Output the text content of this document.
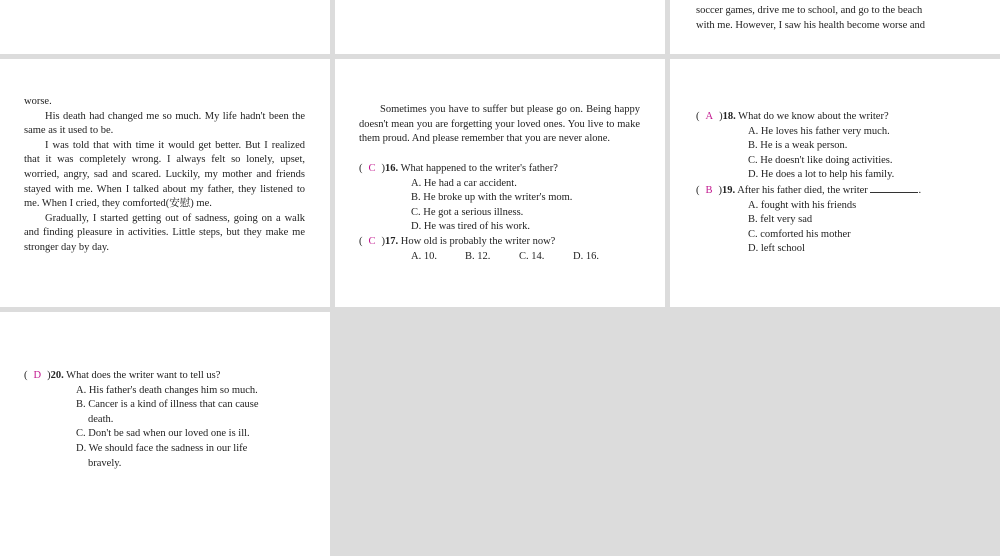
soccer games, drive me to school, and go to the beach

with me. However, I saw his health become worse and

worse.

His death had changed me so much. My life hadn't been the same as it used to be.

I was told that with time it would get better. But I realized that it was completely wrong. I always felt so lonely, upset, worried, angry, sad and scared. Luckily, my mother and friends stayed with me. When I talked about my father, they listened to me. When I cried, they comforted(安慰) me.

Gradually, I started getting out of sadness, going on a walk and finding pleasure in activities. Little steps, but they make me stronger day by day.

Sometimes you have to suffer but please go on. Being happy doesn't mean you are forgetting your loved ones. You live to make them proud. And please remember that you are never alone.

( C )16. What happened to the writer's father?
A. He had a car accident.
B. He broke up with the writer's mom.
C. He got a serious illness.
D. He was tired of his work.
( C )17. How old is probably the writer now?
A. 10.	B. 12.	C. 14.	D. 16.
( A )18. What do we know about the writer?
A. He loves his father very much.
B. He is a weak person.
C. He doesn't like doing activities.
D. He does a lot to help his family.
( B )19. After his father died, the writer	.
A. fought with his friends
B. felt very sad
C. comforted his mother
D. left school
( D )20. What does the writer want to tell us?
A. His father's death changes him so much.
B. Cancer is a kind of illness that can cause
death.
C. Don't be sad when our loved one is ill.
D. We should face the sadness in our life
bravely.
